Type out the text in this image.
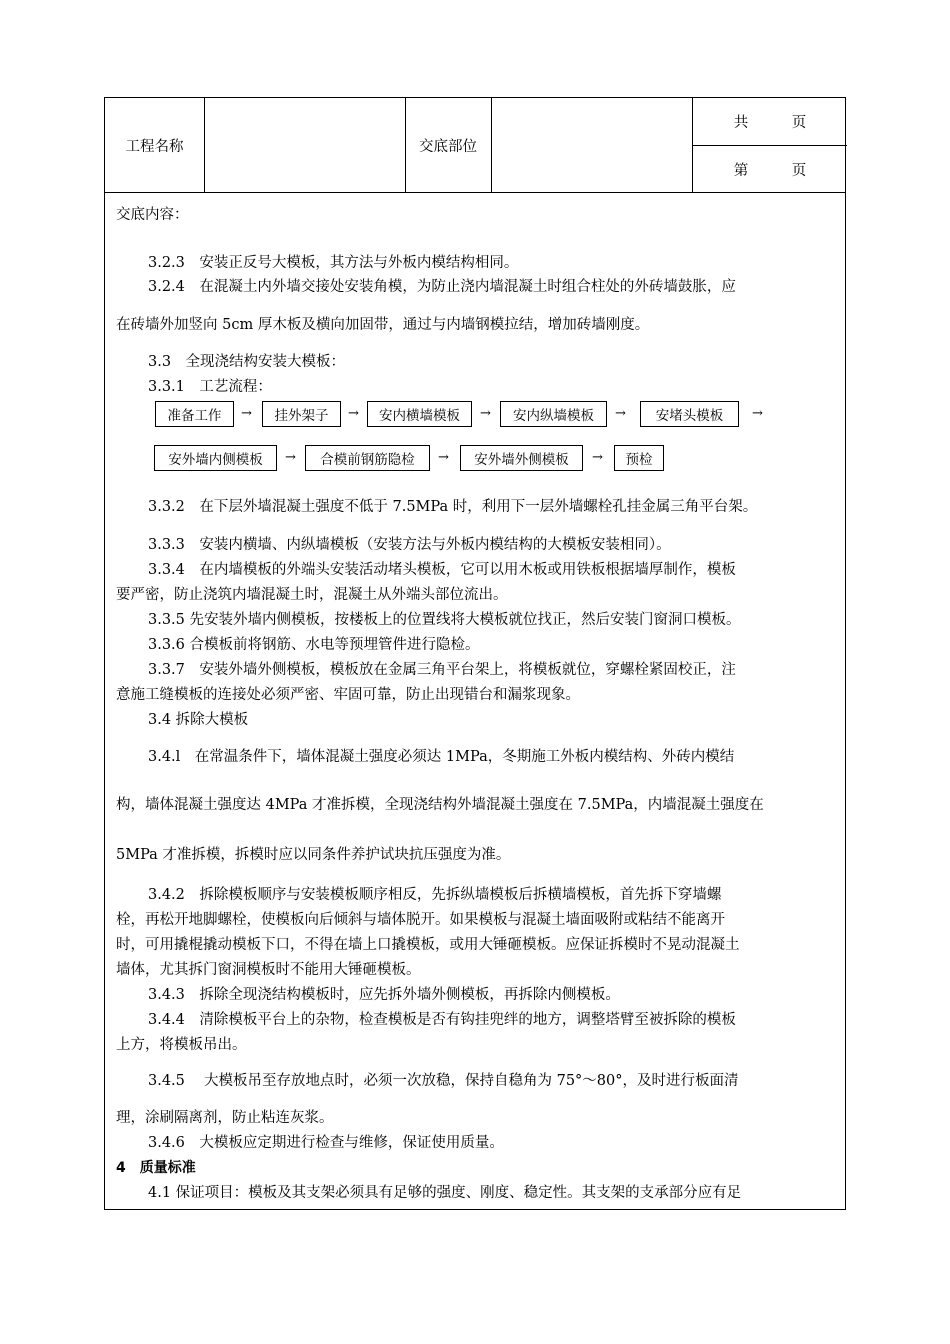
工程名称	交底部位
共　　　页
第　　　页
交底内容：
3.2.3　安装正反号大模板，其方法与外板内模结构相同。
3.2.4　在混凝土内外墙交接处安装角模，为防止浇内墙混凝土时组合柱处的外砖墙鼓胀，应
在砖墙外加竖向 5cm 厚木板及横向加固带，通过与内墙钢模拉结，增加砖墙刚度。
3.3　全现浇结构安装大模板：
3.3.1　工艺流程：
准备工作	→	挂外架子	→	安内横墙模板	→	安内纵墙模板	→	安堵头模板	→
安外墙内侧模板	→	合模前钢筋隐检	→	安外墙外侧模板	→	预检
3.3.2　在下层外墙混凝土强度不低于 7.5MPa 时，利用下一层外墙螺栓孔挂金属三角平台架。
3.3.3　安装内横墙、内纵墙模板（安装方法与外板内模结构的大模板安装相同）。
3.3.4　在内墙模板的外端头安装活动堵头模板，它可以用木板或用铁板根据墙厚制作，模板
要严密，防止浇筑内墙混凝土时，混凝土从外端头部位流出。
3.3.5 先安装外墙内侧模板，按楼板上的位置线将大模板就位找正，然后安装门窗洞口模板。
3.3.6 合模板前将钢筋、水电等预埋管件进行隐检。
3.3.7　安装外墙外侧模板，模板放在金属三角平台架上，将模板就位，穿螺栓紧固校正，注
意施工缝模板的连接处必须严密、牢固可靠，防止出现错台和漏浆现象。
3.4 拆除大模板
3.4.l　在常温条件下，墙体混凝土强度必须达 1MPa，冬期施工外板内模结构、外砖内模结
构，墙体混凝土强度达 4MPa 才准拆模，全现浇结构外墙混凝土强度在 7.5MPa，内墙混凝土强度在
5MPa 才准拆模，拆模时应以同条件养护试块抗压强度为准。
3.4.2　拆除模板顺序与安装模板顺序相反，先拆纵墙模板后拆横墙模板，首先拆下穿墙螺
栓，再松开地脚螺栓，使模板向后倾斜与墙体脱开。如果模板与混凝土墙面吸附或粘结不能离开
时，可用撬棍撬动模板下口，不得在墙上口撬模板，或用大锤砸模板。应保证拆模时不晃动混凝土
墙体，尤其拆门窗洞模板时不能用大锤砸模板。
3.4.3　拆除全现浇结构模板时，应先拆外墙外侧模板，再拆除内侧模板。
3.4.4　清除模板平台上的杂物，检查模板是否有钩挂兜绊的地方，调整塔臂至被拆除的模板
上方，将模板吊出。
3.4.5　 大模板吊至存放地点时，必须一次放稳，保持自稳角为 75°～80°，及时进行板面清
理，涂刷隔离剂，防止粘连灰浆。
3.4.6　大模板应定期进行检查与维修，保证使用质量。
4　质量标准
4.1 保证项目：模板及其支架必须具有足够的强度、刚度、稳定性。其支架的支承部分应有足
